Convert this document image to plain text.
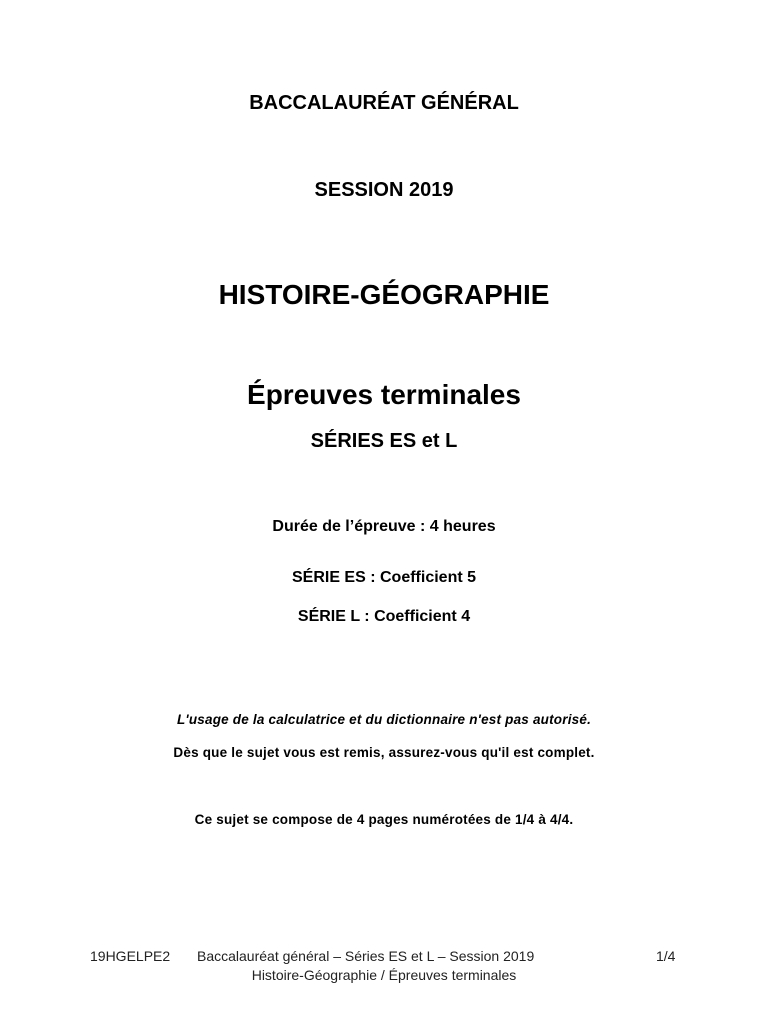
BACCALAURÉAT GÉNÉRAL

SESSION 2019

HISTOIRE-GÉOGRAPHIE

Épreuves terminales

SÉRIES ES et L

Durée de l’épreuve : 4 heures

SÉRIE ES : Coefficient 5

SÉRIE L : Coefficient 4

L'usage de la calculatrice et du dictionnaire n'est pas autorisé.

Dès que le sujet vous est remis, assurez-vous qu'il est complet.

Ce sujet se compose de 4 pages numérotées de 1/4 à 4/4.

19HGELPE2 Baccalauréat général – Séries ES et L – Session 2019	1/4
Histoire-Géographie / Épreuves terminales
